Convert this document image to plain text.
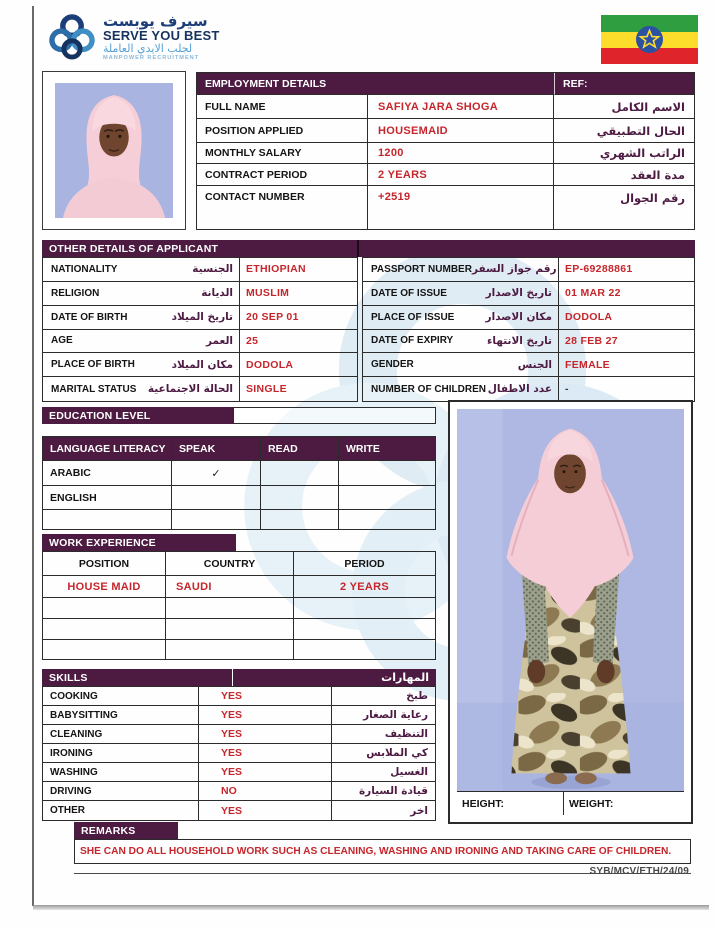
سيرف يوبست
SERVE YOU BEST
لجلب الايدي العاملة
MANPOWER RECRUITMENT
EMPLOYMENT DETAILS	REF:
FULL NAME	SAFIYA JARA SHOGA	الاسم الكامل
POSITION APPLIED	HOUSEMAID	الحال التطبيقي
MONTHLY SALARY	1200	الراتب الشهري
CONTRACT PERIOD	2 YEARS	مدة العقد
CONTACT NUMBER	+2519	رقم الجوال
OTHER DETAILS OF APPLICANT
NATIONALITY	الجنسية	ETHIOPIAN
RELIGION	الديانة	MUSLIM
DATE OF BIRTH	تاريخ الميلاد	20 SEP 01
AGE	العمر	25
PLACE OF BIRTH	مكان الميلاد	DODOLA
MARITAL STATUS الحالة الاجتماعية	SINGLE
PASSPORT NUMBER رقم جواز السفر EP-69288861
DATE OF ISSUE	تاريخ الاصدار	01 MAR 22
PLACE OF ISSUE	مكان الاصدار	DODOLA
DATE OF EXPIRY	تاريخ الانتهاء	28 FEB 27
GENDER	الجنس	FEMALE
NUMBER OF CHILDREN عدد الاطفال	-
EDUCATION LEVEL
LANGUAGE LITERACY	SPEAK	READ	WRITE
ARABIC	✓
ENGLISH
WORK EXPERIENCE
POSITION	COUNTRY	PERIOD
HOUSE MAID	SAUDI	2 YEARS
SKILLS	المهارات
COOKING	YES	طبخ
BABYSITTING	YES	رعاية الصغار
CLEANING	YES	التنظيف
IRONING	YES	كي الملابس
WASHING	YES	الغسيل
DRIVING	NO	قيادة السيارة
OTHER	YES	اخر
HEIGHT:	WEIGHT:
REMARKS
SHE CAN DO ALL HOUSEHOLD WORK SUCH AS CLEANING, WASHING AND IRONING AND TAKING CARE OF CHILDREN.
SYB/MCV/ETH/24/09
